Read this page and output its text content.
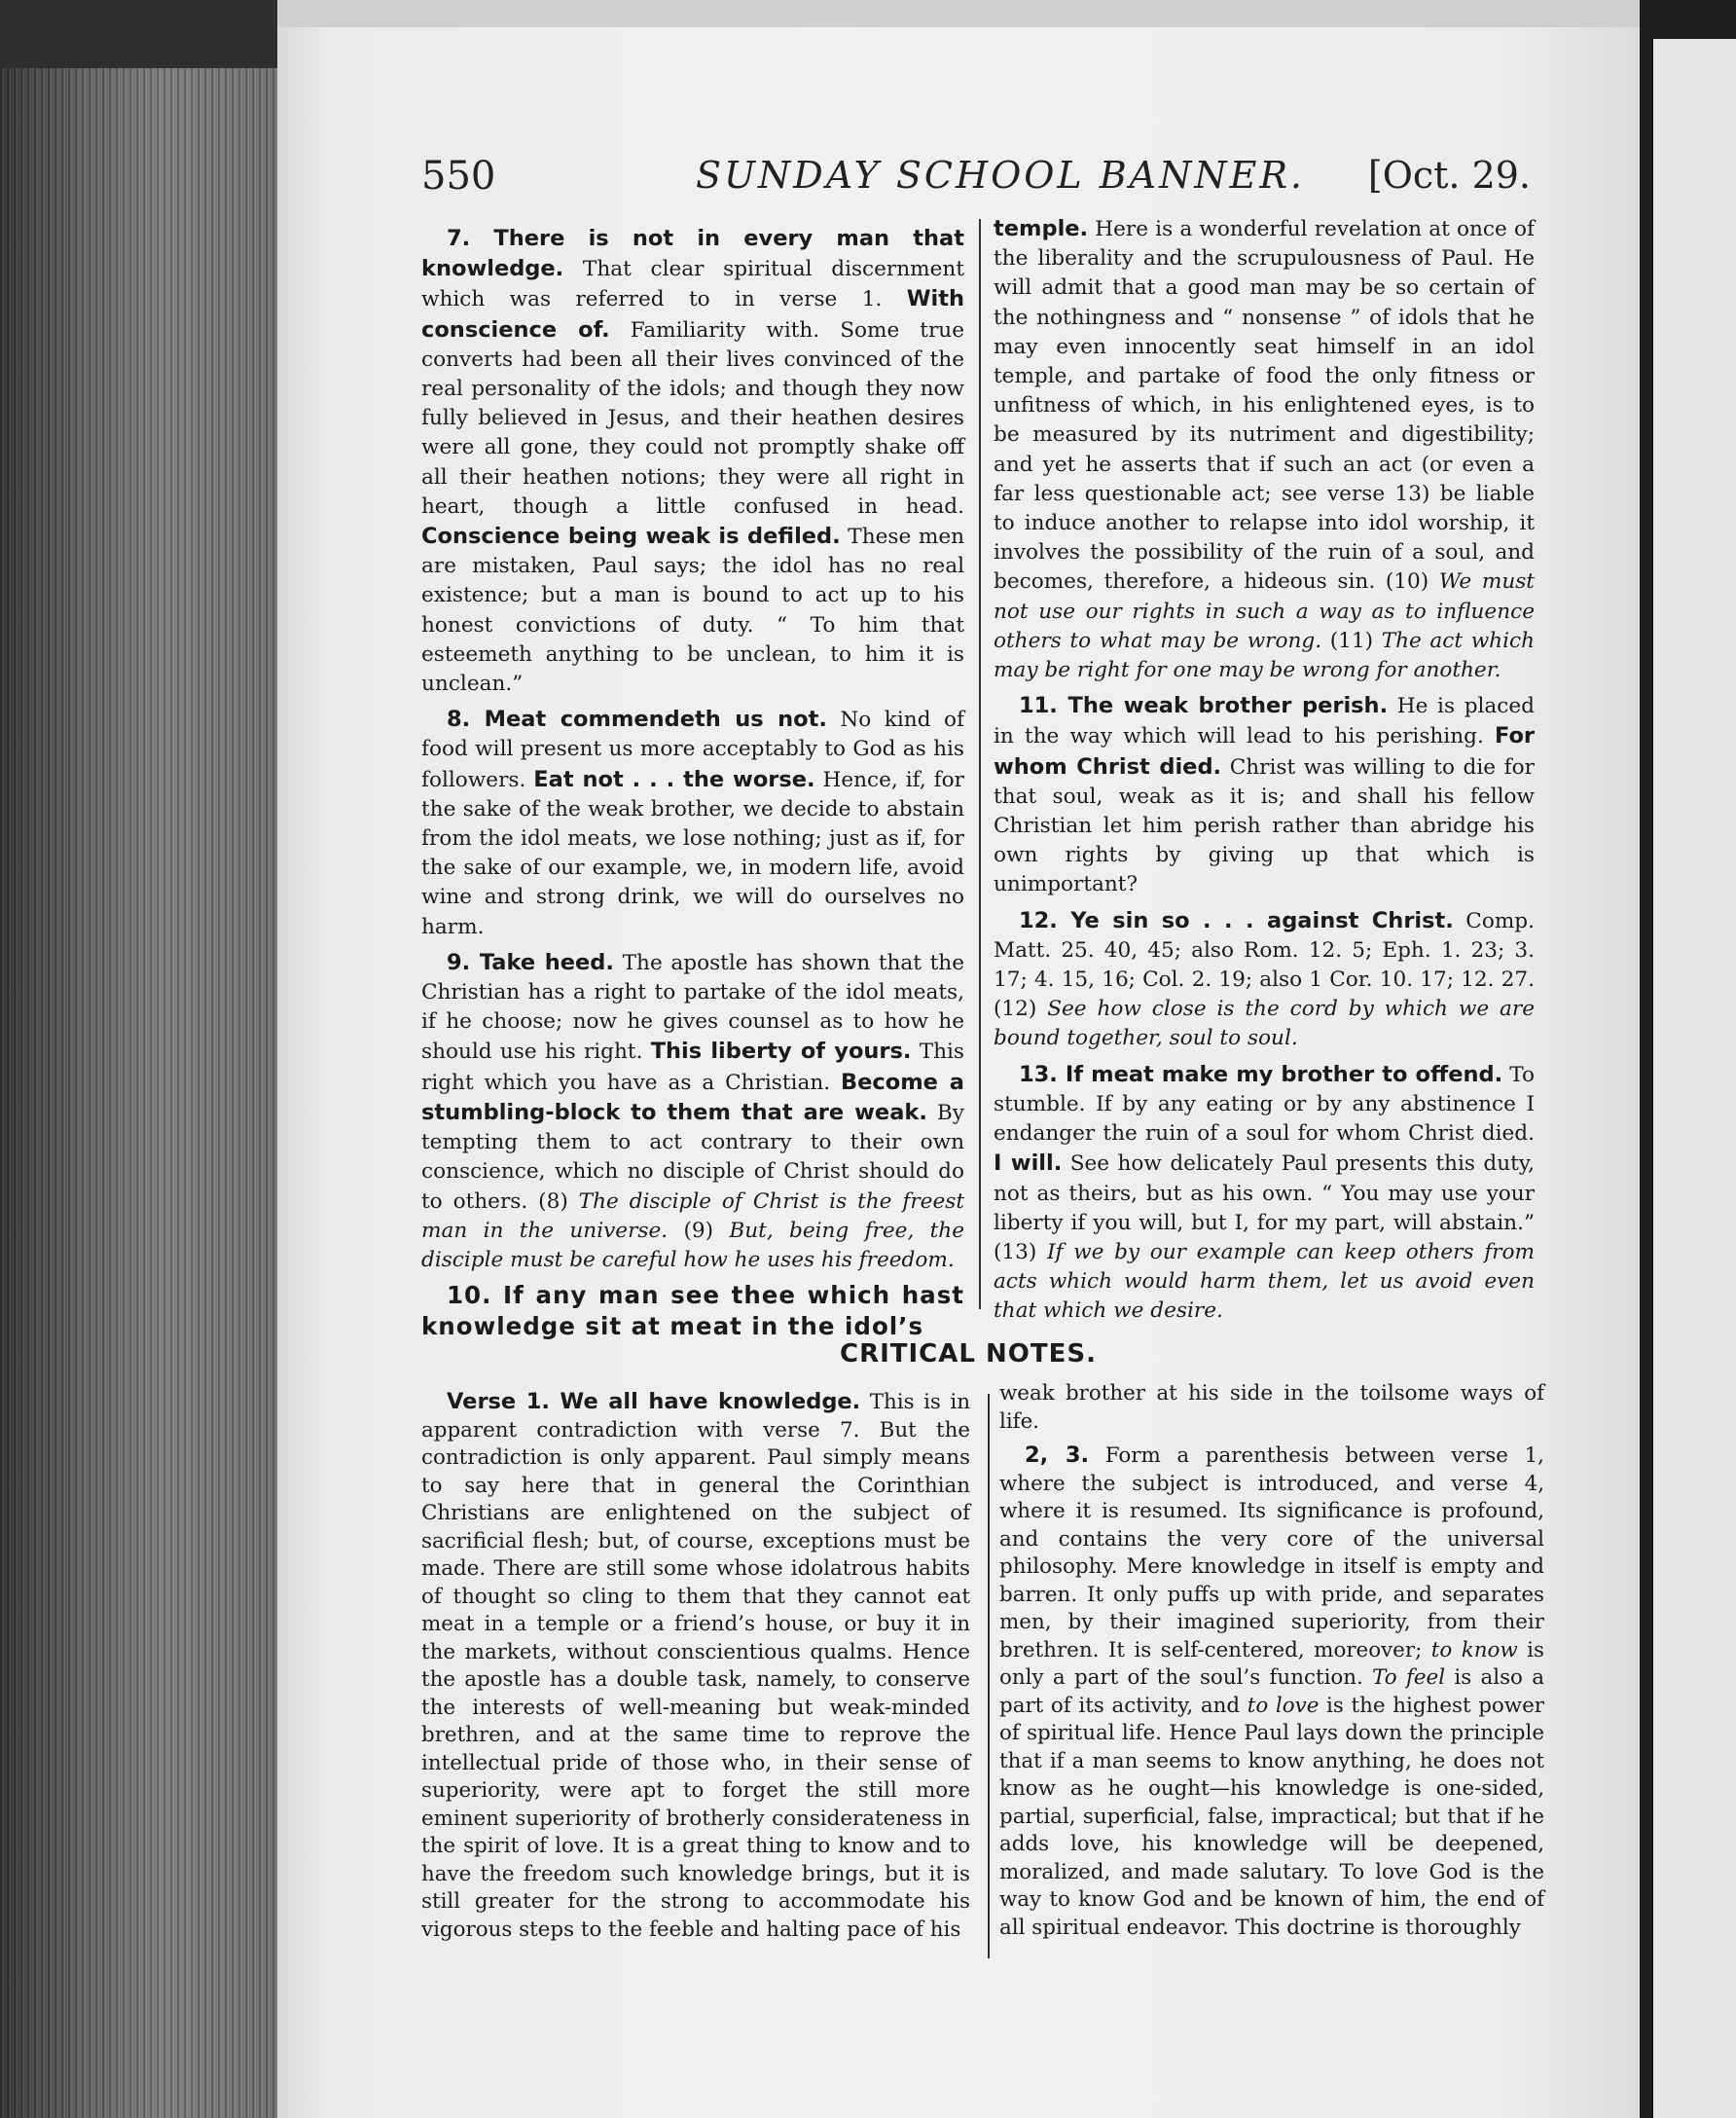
550	SUNDAY SCHOOL BANNER. [Oct. 29.

7. There is not in every man that knowledge. That clear spiritual discernment which was referred to in verse 1. With conscience of. Familiarity with. Some true converts had been all their lives convinced of the real personality of the idols; and though they now fully believed in Jesus, and their heathen desires were all gone, they could not promptly shake off all their heathen notions; they were all right in heart, though a little confused in head. Conscience being weak is defiled. These men are mistaken, Paul says; the idol has no real existence; but a man is bound to act up to his honest convictions of duty. “ To him that esteemeth anything to be unclean, to him it is unclean.”

8. Meat commendeth us not. No kind of food will present us more acceptably to God as his followers. Eat not . . . the worse. Hence, if, for the sake of the weak brother, we decide to abstain from the idol meats, we lose nothing; just as if, for the sake of our example, we, in modern life, avoid wine and strong drink, we will do ourselves no harm.

9. Take heed. The apostle has shown that the Christian has a right to partake of the idol meats, if he choose; now he gives counsel as to how he should use his right. This liberty of yours. This right which you have as a Christian. Become a stumbling-block to them that are weak. By tempting them to act contrary to their own conscience, which no disciple of Christ should do to others. (8) The disciple of Christ is the freest man in the universe. (9) But, being free, the disciple must be careful how he uses his freedom.

10. If any man see thee which hast knowledge sit at meat in the idol’s

temple. Here is a wonderful revelation at once of the liberality and the scrupulousness of Paul. He will admit that a good man may be so certain of the nothingness and “ nonsense ” of idols that he may even innocently seat himself in an idol temple, and partake of food the only fitness or unfitness of which, in his enlightened eyes, is to be measured by its nutriment and digestibility; and yet he asserts that if such an act (or even a far less questionable act; see verse 13) be liable to induce another to relapse into idol worship, it involves the possibility of the ruin of a soul, and becomes, therefore, a hideous sin. (10) We must not use our rights in such a way as to influence others to what may be wrong. (11) The act which may be right for one may be wrong for another.

11. The weak brother perish. He is placed in the way which will lead to his perishing. For whom Christ died. Christ was willing to die for that soul, weak as it is; and shall his fellow Christian let him perish rather than abridge his own rights by giving up that which is unimportant?

12. Ye sin so . . . against Christ. Comp. Matt. 25. 40, 45; also Rom. 12. 5; Eph. 1. 23; 3. 17; 4. 15, 16; Col. 2. 19; also 1 Cor. 10. 17; 12. 27. (12) See how close is the cord by which we are bound together, soul to soul.

13. If meat make my brother to offend. To stumble. If by any eating or by any abstinence I endanger the ruin of a soul for whom Christ died. I will. See how delicately Paul presents this duty, not as theirs, but as his own. “ You may use your liberty if you will, but I, for my part, will abstain.” (13) If we by our example can keep others from acts which would harm them, let us avoid even that which we desire.

CRITICAL NOTES.

Verse 1. We all have knowledge. This is in apparent contradiction with verse 7. But the contradiction is only apparent. Paul simply means to say here that in general the Corinthian Christians are enlightened on the subject of sacrificial flesh; but, of course, exceptions must be made. There are still some whose idolatrous habits of thought so cling to them that they cannot eat meat in a temple or a friend’s house, or buy it in the markets, without conscientious qualms. Hence the apostle has a double task, namely, to conserve the interests of well-meaning but weak-minded brethren, and at the same time to reprove the intellectual pride of those who, in their sense of superiority, were apt to forget the still more eminent superiority of brotherly considerateness in the spirit of love. It is a great thing to know and to have the freedom such knowledge brings, but it is still greater for the strong to accommodate his vigorous steps to the feeble and halting pace of his

weak brother at his side in the toilsome ways of life.

2, 3. Form a parenthesis between verse 1, where the subject is introduced, and verse 4, where it is resumed. Its significance is profound, and contains the very core of the universal philosophy. Mere knowledge in itself is empty and barren. It only puffs up with pride, and separates men, by their imagined superiority, from their brethren. It is self-centered, moreover; to know is only a part of the soul’s function. To feel is also a part of its activity, and to love is the highest power of spiritual life. Hence Paul lays down the principle that if a man seems to know anything, he does not know as he ought—his knowledge is one-sided, partial, superficial, false, impractical; but that if he adds love, his knowledge will be deepened, moralized, and made salutary. To love God is the way to know God and be known of him, the end of all spiritual endeavor. This doctrine is thoroughly
